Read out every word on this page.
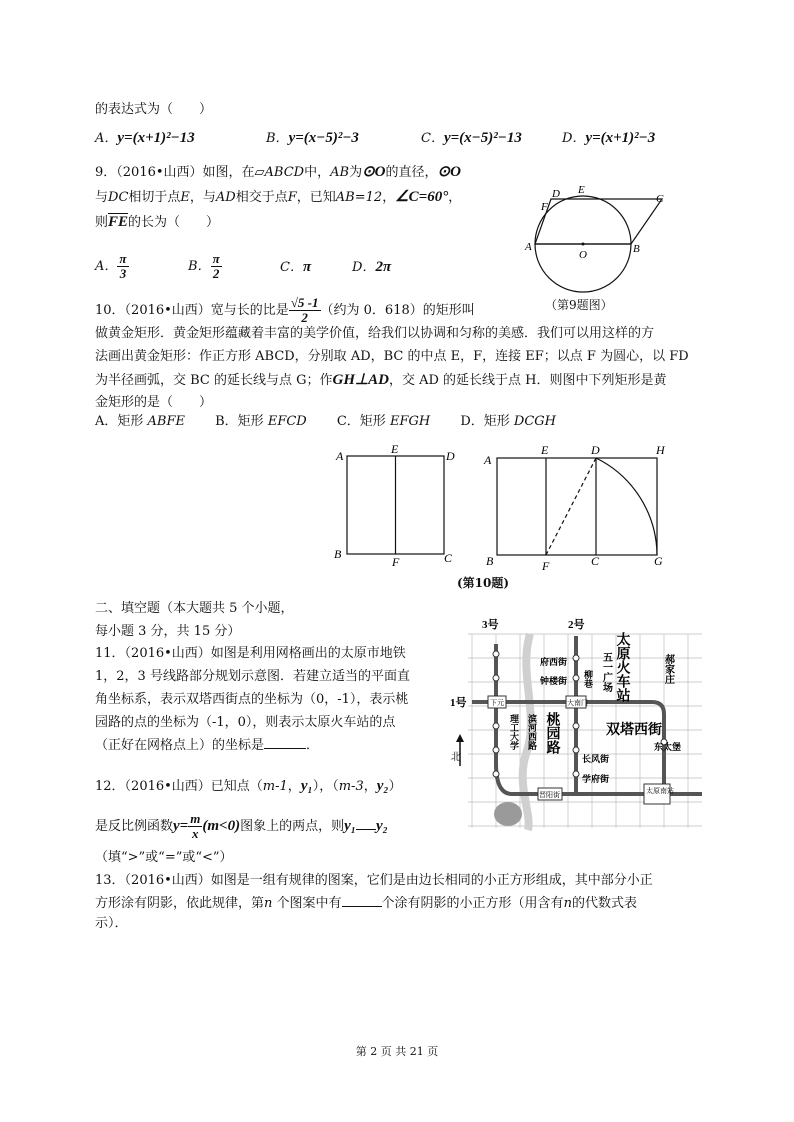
的表达式为（　　）
A．y=(x+1)²−13	B．y=(x−5)²−3	C．y=(x−5)²−13	D．y=(x+1)²−3
9．（2016•山西）如图，在▱ABCD中，AB为⊙O的直径，⊙O
与DC相切于点E，与AD相交于点F，已知AB=12，∠C=60°，
则$\overline{FE}$的长为（　　）
A． $\frac{\pi}{3}$	B． $\frac{\pi}{2}$	C．π	D．2π
D E
C
F
A
O	B
（第9题图）
10．（2016•山西）宽与长的比是 $\frac{√5 -1}{2}$ （约为 0．618）的矩形叫
做黄金矩形．黄金矩形蕴藏着丰富的美学价值，给我们以协调和匀称的美感．我们可以用这样的方
法画出黄金矩形：作正方形 ABCD，分别取 AD，BC 的中点 E，F，连接 EF；以点 F 为圆心，以 FD
为半径画弧，交 BC 的延长线与点 G；作GH⊥AD，交 AD 的延长线于点 H．则图中下列矩形是黄
金矩形的是（　　）
A．矩形 ABFE B．矩形 EFCD C．矩形 EFGH D．矩形 DCGH
A	E	D
B
F	C
A
E	D	H
B	F	C	G
(第10题)
二、填空题（本大题共 5 个小题，
每小题 3 分，共 15 分）
11．（2016•山西）如图是利用网格画出的太原市地铁
1，2，3 号线路部分规划示意图．若建立适当的平面直
角坐标系，表示双塔西街点的坐标为（0，-1），表示桃
园路的点的坐标为（-1，0），则表示太原火车站的点
（正好在网格点上）的坐标是	．
3号	2号
1号	下元	大南门
晋阳街	太原南站
府西街
钟楼街
双塔西街
长风街
学府街
东太堡
太原火车站
五一广场	郝家庄
柳巷
桃园路
理工大学 滨河西路
北
12．（2016•山西）已知点（m-1，y₁），（m-3，y₂）
是反比例函数$y= \frac{m}{x} (m<0)$图象上的两点，则y₁ y₂
（填“>”或“=”或“<”）
13．（2016•山西）如图是一组有规律的图案，它们是由边长相同的小正方形组成，其中部分小正
方形涂有阴影，依此规律，第n 个图案中有	个涂有阴影的小正方形（用含有n的代数式表
示）．
第 2 页 共 21 页
